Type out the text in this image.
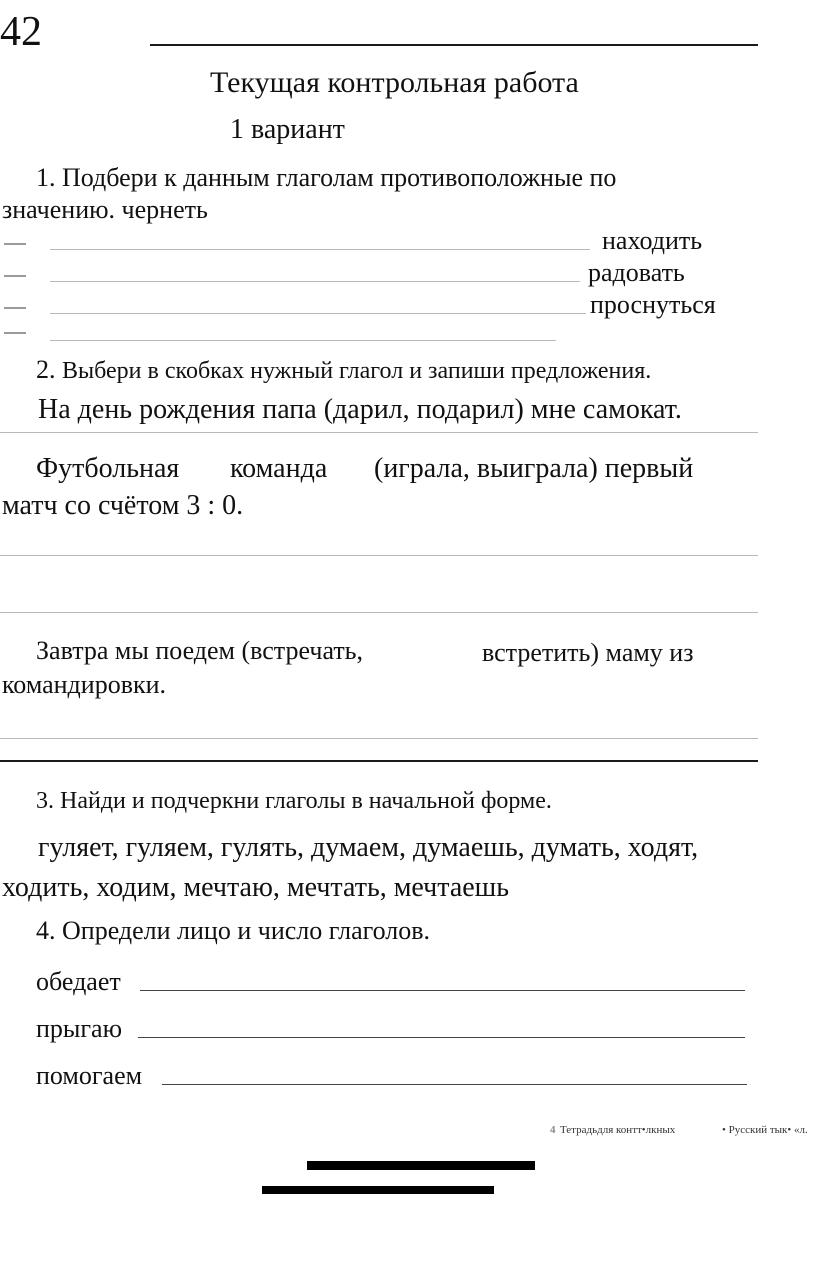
42
Текущая контрольная работа
1 вариант
1. Подбери к данным глаголам противоположные по
значению. чернеть
находить
радовать
проснуться
2. Выбери в скобках нужный глагол и запиши предложения.
На день рождения папа (дарил, подарил) мне самокат.
Футбольная команда (играла, выиграла) первый
матч со счётом 3 : 0.
Завтра мы поедем (встречать,	встретить) маму из
командировки.
3. Найди и подчеркни глаголы в начальной форме.
гуляет, гуляем, гулять, думаем, думаешь, думать, ходят,
ходить, ходим, мечтаю, мечтать, мечтаешь
4. Определи лицо и число глаголов.
обедает
прыгаю
помогаем
4 Тетрадьдля контт•лкных	• Русский тык• «л.
